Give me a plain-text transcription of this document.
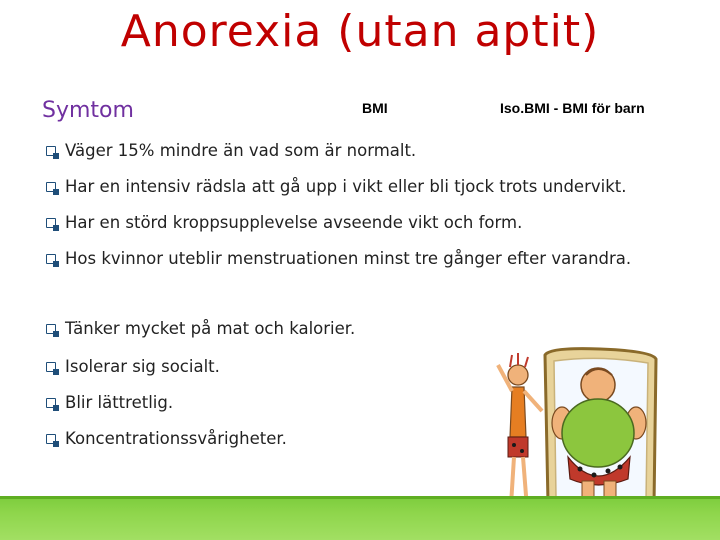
Anorexia (utan aptit)
Symtom	BMI	Iso.BMI - BMI för barn
Väger 15% mindre än vad som är normalt.
Har en intensiv rädsla att gå upp i vikt eller bli tjock trots undervikt.
Har en störd kroppsupplevelse avseende vikt och form.
Hos kvinnor uteblir menstruationen minst tre gånger efter varandra.
Tänker mycket på mat och kalorier.
Isolerar sig socialt.
Blir lättretlig.
Koncentrationssvårigheter.
